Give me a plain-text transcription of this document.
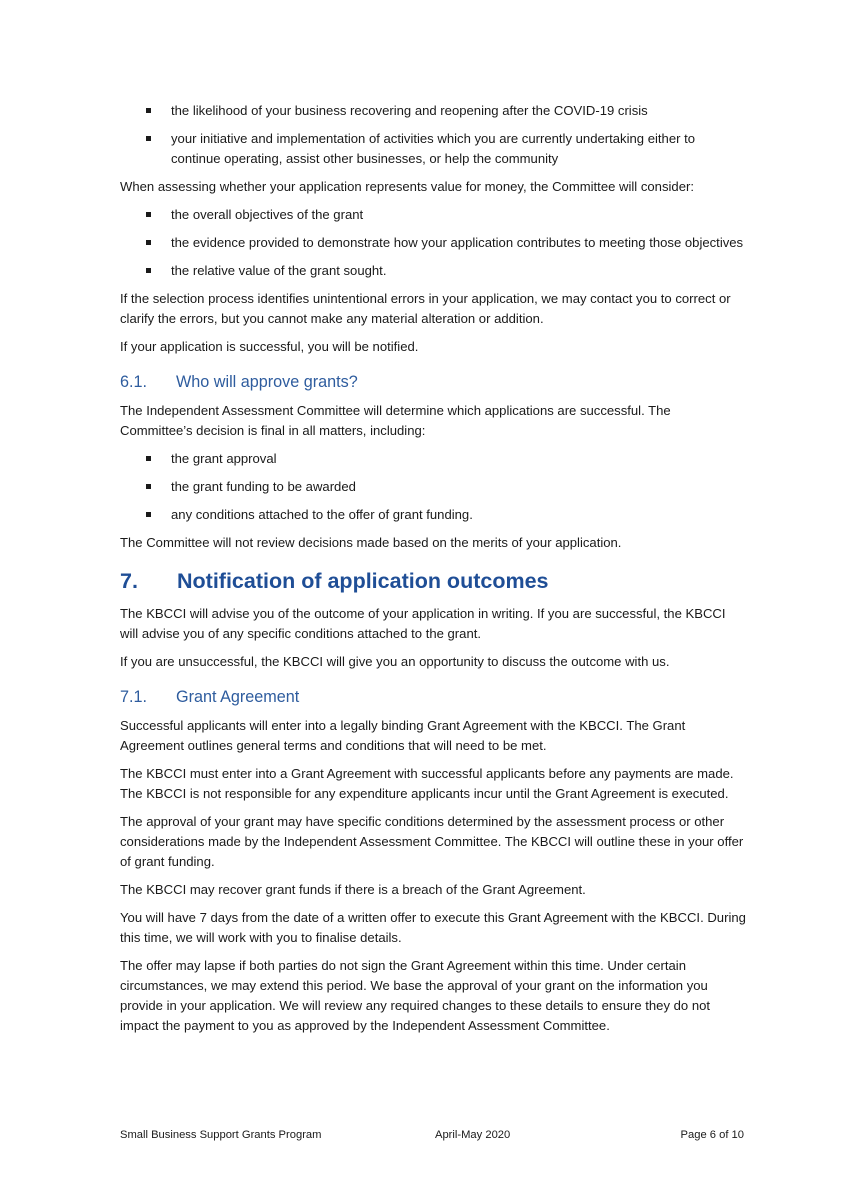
the likelihood of your business recovering and reopening after the COVID-19 crisis
your initiative and implementation of activities which you are currently undertaking either to continue operating, assist other businesses, or help the community

When assessing whether your application represents value for money, the Committee will consider:

the overall objectives of the grant
the evidence provided to demonstrate how your application contributes to meeting those objectives
the relative value of the grant sought.

If the selection process identifies unintentional errors in your application, we may contact you to correct or clarify the errors, but you cannot make any material alteration or addition.

If your application is successful, you will be notified.

6.1. Who will approve grants?

The Independent Assessment Committee will determine which applications are successful. The Committee’s decision is final in all matters, including:

the grant approval
the grant funding to be awarded
any conditions attached to the offer of grant funding.

The Committee will not review decisions made based on the merits of your application.

7. Notification of application outcomes

The KBCCI will advise you of the outcome of your application in writing. If you are successful, the KBCCI will advise you of any specific conditions attached to the grant.

If you are unsuccessful, the KBCCI will give you an opportunity to discuss the outcome with us.

7.1. Grant Agreement

Successful applicants will enter into a legally binding Grant Agreement with the KBCCI. The Grant Agreement outlines general terms and conditions that will need to be met.

The KBCCI must enter into a Grant Agreement with successful applicants before any payments are made. The KBCCI is not responsible for any expenditure applicants incur until the Grant Agreement is executed.

The approval of your grant may have specific conditions determined by the assessment process or other considerations made by the Independent Assessment Committee. The KBCCI will outline these in your offer of grant funding.

The KBCCI may recover grant funds if there is a breach of the Grant Agreement.

You will have 7 days from the date of a written offer to execute this Grant Agreement with the KBCCI. During this time, we will work with you to finalise details.

The offer may lapse if both parties do not sign the Grant Agreement within this time. Under certain circumstances, we may extend this period. We base the approval of your grant on the information you provide in your application. We will review any required changes to these details to ensure they do not impact the payment to you as approved by the Independent Assessment Committee.

Small Business Support Grants Program	April-May 2020	Page 6 of 10
